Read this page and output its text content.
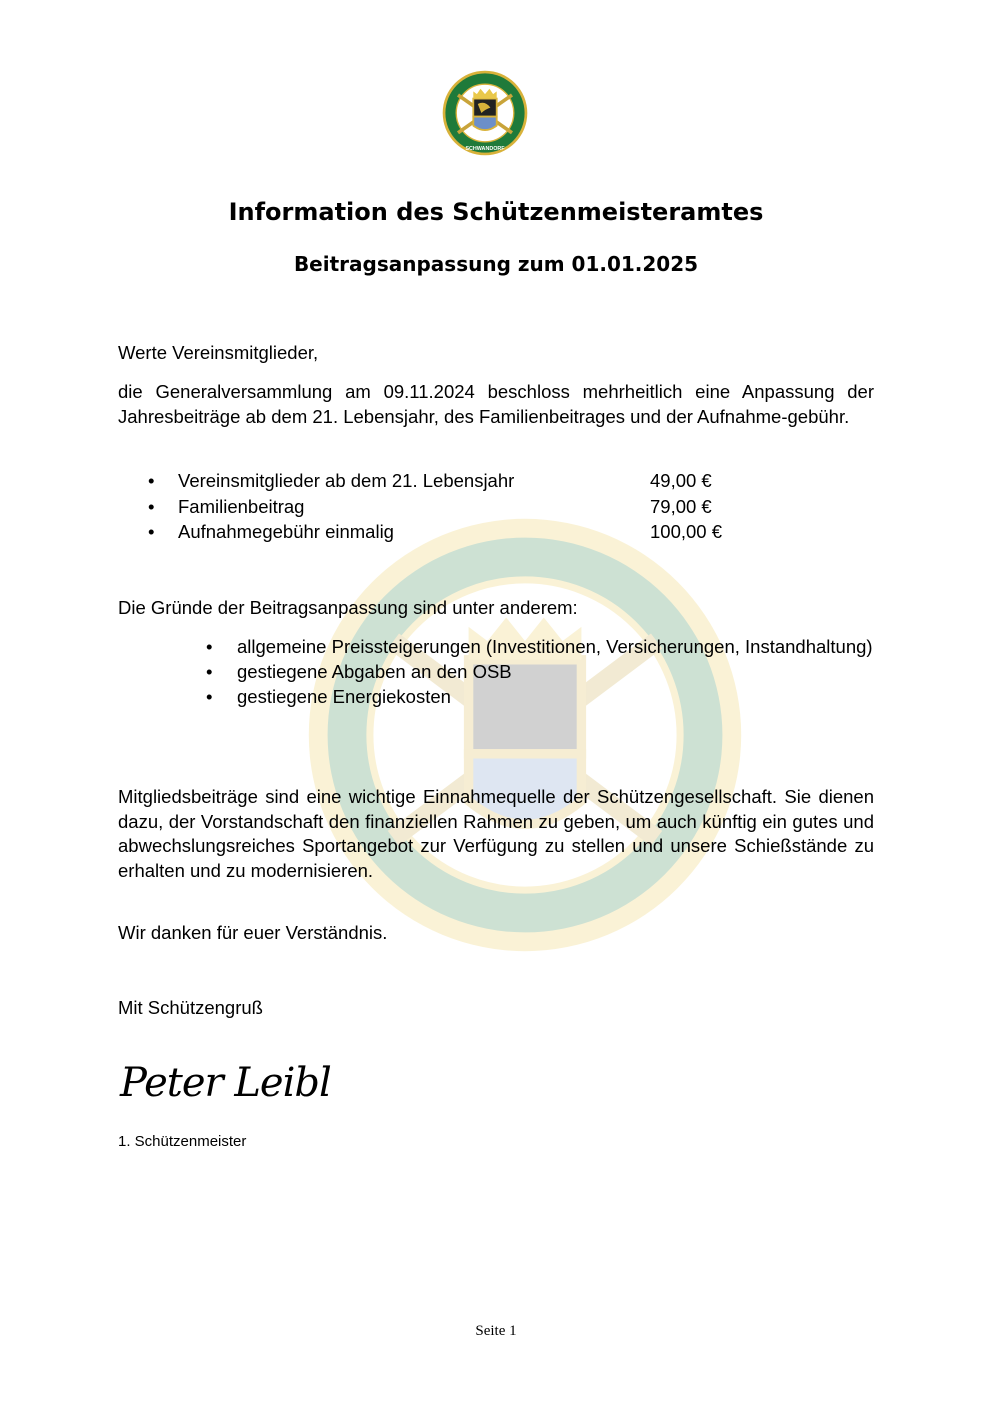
SCHWANDORF
Information des Schützenmeisteramtes
Beitragsanpassung zum 01.01.2025
Werte Vereinsmitglieder,
die Generalversammlung am 09.11.2024 beschloss mehrheitlich eine Anpassung der Jahresbeiträge ab dem 21. Lebensjahr, des Familienbeitrages und der Aufnahme-gebühr.
• Vereinsmitglieder ab dem 21. Lebensjahr	49,00 €
• Familienbeitrag	79,00 €
• Aufnahmegebühr einmalig	100,00 €
Die Gründe der Beitragsanpassung sind unter anderem:
• allgemeine Preissteigerungen (Investitionen, Versicherungen, Instandhaltung)
• gestiegene Abgaben an den OSB
• gestiegene Energiekosten
Mitgliedsbeiträge sind eine wichtige Einnahmequelle der Schützengesellschaft. Sie dienen dazu, der Vorstandschaft den finanziellen Rahmen zu geben, um auch künftig ein gutes und abwechslungsreiches Sportangebot zur Verfügung zu stellen und unsere Schießstände zu erhalten und zu modernisieren.
Wir danken für euer Verständnis.
Mit Schützengruß
Peter Leibl
1. Schützenmeister
Seite 1
